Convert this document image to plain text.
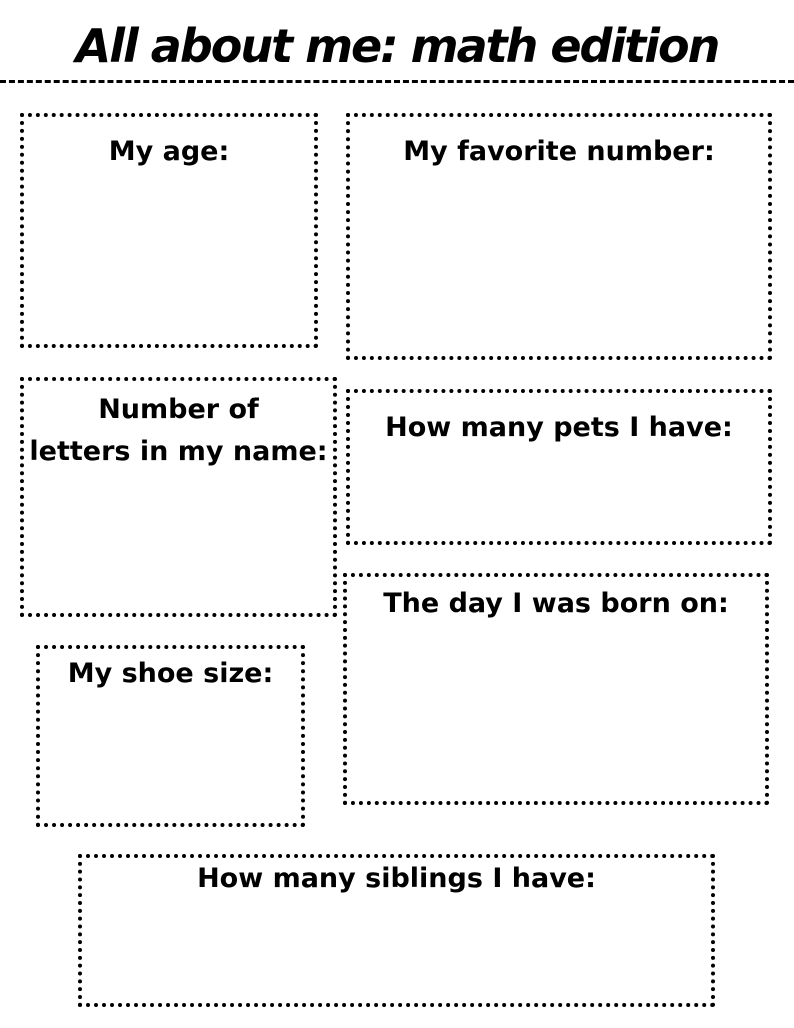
All about me: math edition
My age:	My favorite number:
Number of
letters in my name:
How many pets I have:
The day I was born on:
My shoe size:
How many siblings I have:
